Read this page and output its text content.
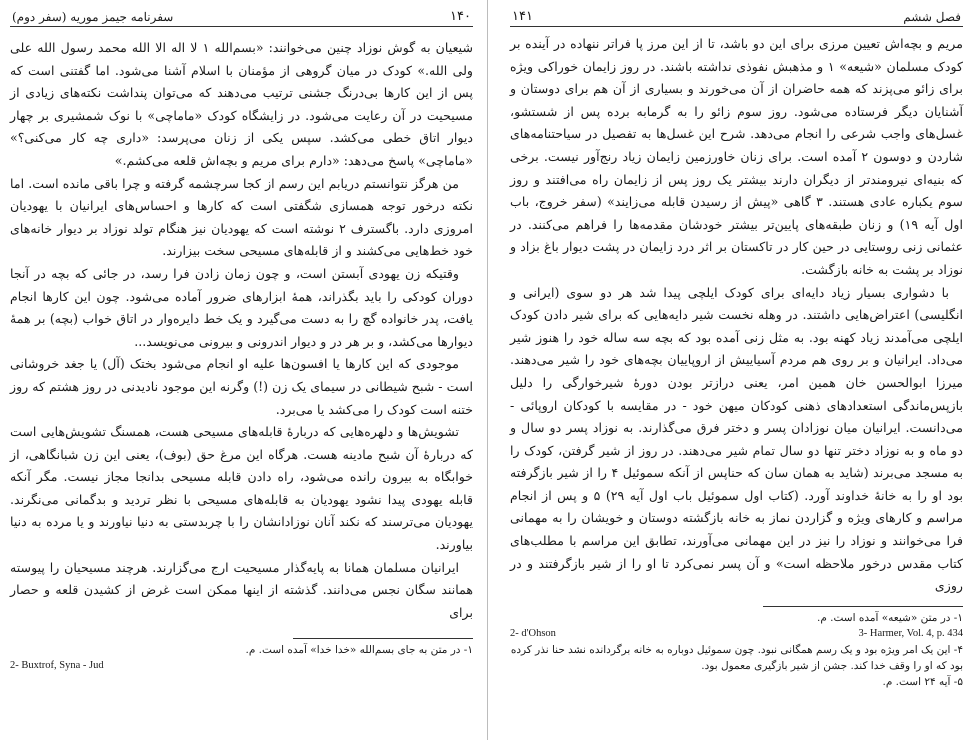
سفرنامه جیمز موریه (سفر دوم)	۱۴۰

شیعیان به گوش نوزاد چنین می‌خوانند: «بسم‌الله ۱ لا اله الا الله محمد رسول الله علی ولی الله.» کودک در میان گروهی از مؤمنان با اسلام آشنا می‌شود. اما گفتنی است که پس از این کارها بی‌درنگ جشنی ترتیب می‌دهند که می‌توان پنداشت نکته‌های زیادی از مسیحیت در آن رعایت می‌شود. در زایشگاه کودک «ماماچی» با نوک شمشیری بر چهار دیوار اتاق خطی می‌کشد. سپس یکی از زنان می‌پرسد: «داری چه کار می‌کنی؟» «ماماچی» پاسخ می‌دهد: «دارم برای مریم و بچه‌اش قلعه می‌کشم.»

من هرگز نتوانستم دریابم این رسم از کجا سرچشمه گرفته و چرا باقی مانده است. اما نکته درخور توجه همسازی شگفتی است که کارها و احساس‌های ایرانیان با یهودیان امروزی دارد. باگسترف ۲ نوشته است که یهودیان نیز هنگام تولد نوزاد بر دیوار خانه‌های خود خط‌هایی می‌کشند و از قابله‌های مسیحی سخت بیزارند.

وقتیکه زن یهودی آبستن است، و چون زمان زادن فرا رسد، در جائی که بچه در آنجا دوران کودکی را باید بگذراند، همهٔ ابزارهای ضرور آماده می‌شود. چون این کارها انجام یافت، پدر خانواده گچ را به دست می‌گیرد و یک خط دایره‌وار در اتاق خواب (بچه) بر همهٔ دیوارها می‌کشد، و بر هر در و دیوار اندرونی و بیرونی می‌نویسد...

موجودی که این کارها یا افسون‌ها علیه او انجام می‌شود بختک (آل) یا جغد خروشانی است - شبح شیطانی در سیمای یک زن (!) وگرنه این موجود نادیدنی در روز هشتم که روز ختنه است کودک را می‌کشد یا می‌برد.

تشویش‌ها و دلهره‌هایی که دربارهٔ قابله‌های مسیحی هست، همسنگ تشویش‌هایی است که دربارهٔ آن شبح مادینه هست. هرگاه این مرغ حق (بوف)، یعنی این زن شبانگاهی، از خوابگاه به بیرون رانده می‌شود، راه دادن قابله مسیحی بدانجا مجاز نیست. مگر آنکه قابله یهودی پیدا نشود یهودیان به قابله‌های مسیحی با نظر تردید و بدگمانی می‌نگرند. یهودیان می‌ترسند که نکند آنان نوزادانشان را با چربدستی به دنیا نیاورند و یا مرده به دنیا بیاورند.

ایرانیان مسلمان همانا به پایه‌گذار مسیحیت ارج می‌گزارند. هرچند مسیحیان را پیوسته همانند سگان نجس می‌دانند. گذشته از اینها ممکن است غرض از کشیدن قلعه و حصار برای

۱- در متن به جای بسم‌الله «خدا خدا» آمده است. م.
2- Buxtrof, Syna - Jud
۱۴۱	فصل ششم

مریم و بچه‌اش تعیین مرزی برای این دو باشد، تا از این مرز پا فراتر ننهاده در آینده بر کودک مسلمان «شیعه» ۱ و مذهبش نفوذی نداشته باشند. در روز زایمان خوراکی ویژه برای زائو می‌پزند که همه حاضران از آن می‌خورند و بسیاری از آن هم برای دوستان و آشنایان دیگر فرستاده می‌شود. روز سوم زائو را به گرمابه برده پس از شستشو، غسل‌های واجب شرعی را انجام می‌دهد. شرح این غسل‌ها به تفصیل در سیاحتنامه‌های شاردن و دوسون ۲ آمده است. برای زنان خاورزمین زایمان زیاد رنج‌آور نیست. برخی که بنیه‌ای نیرومندتر از دیگران دارند بیشتر یک روز پس از زایمان راه می‌افتند و روز سوم یکباره عادی هستند. ۳ گاهی «پیش از رسیدن قابله می‌زایند» (سفر خروج، باب اول آیه ۱۹) و زنان طبقه‌های پایین‌تر بیشتر خودشان مقدمه‌ها را فراهم می‌کنند. در عثمانی زنی روستایی در حین کار در تاکستان بر اثر درد زایمان در پشت دیوار باغ بزاد و نوزاد بر پشت به خانه بازگشت.

با دشواری بسیار زیاد دایه‌ای برای کودک ایلچی پیدا شد هر دو سوی (ایرانی و انگلیسی) اعتراض‌هایی داشتند. در وهله نخست شیر دایه‌هایی که برای شیر دادن کودک ایلچی می‌آمدند زیاد کهنه بود. به مثل زنی آمده بود که بچه سه ساله خود را هنوز شیر می‌داد. ایرانیان و بر روی هم مردم آسیاییش از اروپاییان بچه‌های خود را شیر می‌دهند. میرزا ابوالحسن خان همین امر، یعنی درازتر بودن دورهٔ شیرخوارگی را دلیل بازپس‌ماندگی استعدادهای ذهنی کودکان میهن خود - در مقایسه با کودکان اروپائی - می‌دانست. ایرانیان میان نوزادان پسر و دختر فرق می‌گذارند. به نوزاد پسر دو سال و دو ماه و به نوزاد دختر تنها دو سال تمام شیر می‌دهند. در روز از شیر گرفتن، کودک را به مسجد می‌برند (شاید به همان سان که حناپس از آنکه سموئیل ۴ را از شیر بازگرفته بود او را به خانهٔ خداوند آورد. (کتاب اول سموئیل باب اول آیه ۲۹) ۵ و پس از انجام مراسم و کارهای ویژه و گزاردن نماز به خانه بازگشته دوستان و خویشان را به مهمانی فرا می‌خوانند و نوزاد را نیز در این مهمانی می‌آورند، تطابق این مراسم با مطلب‌های کتاب مقدس درخور ملاحظه است» و آن پسر نمی‌کرد تا او را از شیر بازگرفتند و در روزی

۱- در متن «شیعه» آمده است. م.
2- d'Ohson	3- Harmer, Vol. 4, p. 434
۴- این یک امر ویژه بود و یک رسم همگانی نبود. چون سموئیل دوباره به خانه برگردانده نشد حنا نذر کرده بود که او را وقف خدا کند. جشن از شیر بازگیری معمول بود.
۵- آیه ۲۴ است. م.
